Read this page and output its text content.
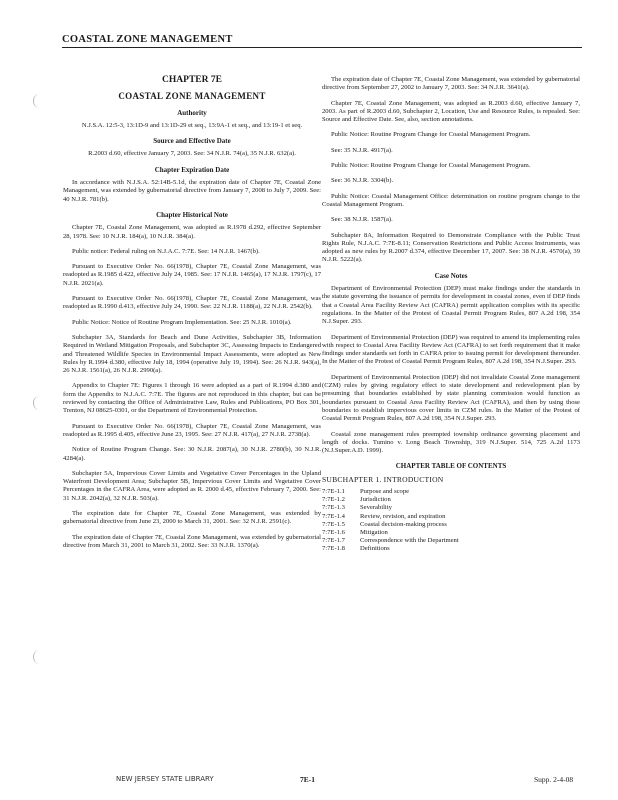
COASTAL ZONE MANAGEMENT
CHAPTER 7E
COASTAL ZONE MANAGEMENT
Authority

N.J.S.A. 12:5-3, 13:1D-9 and 13:1D-29 et seq., 13:9A-1 et seq., and 13:19-1 et seq.

Source and Effective Date

R.2003 d.60, effective January 7, 2003. See: 34 N.J.R. 74(a), 35 N.J.R. 632(a).

Chapter Expiration Date

In accordance with N.J.S.A. 52:14B-5.1d, the expiration date of Chapter 7E, Coastal Zone Management, was extended by gubernatorial directive from January 7, 2008 to July 7, 2009. See: 40 N.J.R. 781(b).

Chapter Historical Note

Chapter 7E, Coastal Zone Management, was adopted as R.1978 d.292, effective September 28, 1978. See: 10 N.J.R. 184(a), 10 N.J.R. 384(a).

Public notice: Federal ruling on N.J.A.C. 7:7E. See: 14 N.J.R. 1467(b).

Pursuant to Executive Order No. 66(1978), Chapter 7E, Coastal Zone Management, was readopted as R.1985 d.422, effective July 24, 1985. See: 17 N.J.R. 1465(a), 17 N.J.R. 1797(c), 17 N.J.R. 2021(a).

Pursuant to Executive Order No. 66(1978), Chapter 7E, Coastal Zone Management, was readopted as R.1990 d.413, effective July 24, 1990. See: 22 N.J.R. 1188(a), 22 N.J.R. 2542(b).

Public Notice: Notice of Routine Program Implementation. See: 25 N.J.R. 1010(a).

Subchapter 3A, Standards for Beach and Dune Activities, Subchapter 3B, Information Required in Wetland Mitigation Proposals, and Subchapter 3C, Assessing Impacts to Endangered and Threatened Wildlife Species in Environmental Impact Assessments, were adopted as New Rules by R.1994 d.380, effective July 18, 1994 (operative July 19, 1994). See: 26 N.J.R. 943(a), 26 N.J.R. 1561(a), 26 N.J.R. 2990(a).

Appendix to Chapter 7E: Figures 1 through 16 were adopted as a part of R.1994 d.380 and form the Appendix to N.J.A.C. 7:7E. The figures are not reproduced in this chapter, but can be reviewed by contacting the Office of Administrative Law, Rules and Publications, PO Box 301, Trenton, NJ 08625-0301, or the Department of Environmental Protection.

Pursuant to Executive Order No. 66(1978), Chapter 7E, Coastal Zone Management, was readopted as R.1995 d.405, effective June 23, 1995. See: 27 N.J.R. 417(a), 27 N.J.R. 2738(a).

Notice of Routine Program Change. See: 30 N.J.R. 2087(a), 30 N.J.R. 2780(b), 30 N.J.R. 4284(a).

Subchapter 5A, Impervious Cover Limits and Vegetative Cover Percentages in the Upland Waterfront Development Area; Subchapter 5B, Impervious Cover Limits and Vegetative Cover Percentages in the CAFRA Area, were adopted as R. 2000 d.45, effective February 7, 2000. See: 31 N.J.R. 2042(a), 32 N.J.R. 503(a).

The expiration date for Chapter 7E, Coastal Zone Management, was extended by gubernatorial directive from June 23, 2000 to March 31, 2001. See: 32 N.J.R. 2591(c).

The expiration date of Chapter 7E, Coastal Zone Management, was extended by gubernatorial directive from March 31, 2001 to March 31, 2002. See: 33 N.J.R. 1370(a).

The expiration date of Chapter 7E, Coastal Zone Management, was extended by gubernatorial directive from September 27, 2002 to January 7, 2003. See: 34 N.J.R. 3641(a).

Chapter 7E, Coastal Zone Management, was adopted as R.2003 d.60, effective January 7, 2003. As part of R.2003 d.60, Subchapter 2, Location, Use and Resource Rules, is repealed. See: Source and Effective Date. See, also, section annotations.

Public Notice: Routine Program Change for Coastal Management Program.

See: 35 N.J.R. 4917(a).

Public Notice: Routine Program Change for Coastal Management Program.

See: 36 N.J.R. 3304(b).

Public Notice: Coastal Management Office: determination on routine program change to the Coastal Management Program.

See: 38 N.J.R. 1587(a).

Subchapter 8A, Information Required to Demonstrate Compliance with the Public Trust Rights Rule, N.J.A.C. 7:7E-8.11; Conservation Restrictions and Public Access Instruments, was adopted as new rules by R.2007 d.374, effective December 17, 2007. See: 38 N.J.R. 4570(a), 39 N.J.R. 5222(a).

Case Notes

Department of Environmental Protection (DEP) must make findings under the standards in the statute governing the issuance of permits for development in coastal zones, even if DEP finds that a Coastal Area Facility Review Act (CAFRA) permit application complies with its specific regulations. In the Matter of the Protest of Coastal Permit Program Rules, 807 A.2d 198, 354 N.J.Super. 293.

Department of Environmental Protection (DEP) was required to amend its implementing rules with respect to Coastal Area Facility Review Act (CAFRA) to set forth requirement that it make findings under standards set forth in CAFRA prior to issuing permit for development thereunder. In the Matter of the Protest of Coastal Permit Program Rules, 807 A.2d 198, 354 N.J.Super. 293.

Department of Environmental Protection (DEP) did not invalidate Coastal Zone management (CZM) rules by giving regulatory effect to state development and redevelopment plan by presuming that boundaries established by state planning commission would function as boundaries pursuant to Coastal Area Facility Review Act (CAFRA), and then by using those boundaries to establish impervious cover limits in CZM rules. In the Matter of the Protest of Coastal Permit Program Rules, 807 A.2d 198, 354 N.J.Super. 293.

Coastal zone management rules preempted township ordinance governing placement and length of docks. Tumino v. Long Beach Township, 319 N.J.Super. 514, 725 A.2d 1173 (N.J.Super.A.D. 1999).

CHAPTER TABLE OF CONTENTS
SUBCHAPTER 1. INTRODUCTION
7:7E-1.1	Purpose and scope
7:7E-1.2	Jurisdiction
7:7E-1.3	Severability
7:7E-1.4	Review, revision, and expiration
7:7E-1.5	Coastal decision-making process
7:7E-1.6	Mitigation
7:7E-1.7	Correspondence with the Department
7:7E-1.8	Definitions
NEW JERSEY STATE LIBRARY	7E-1	Supp. 2-4-08
